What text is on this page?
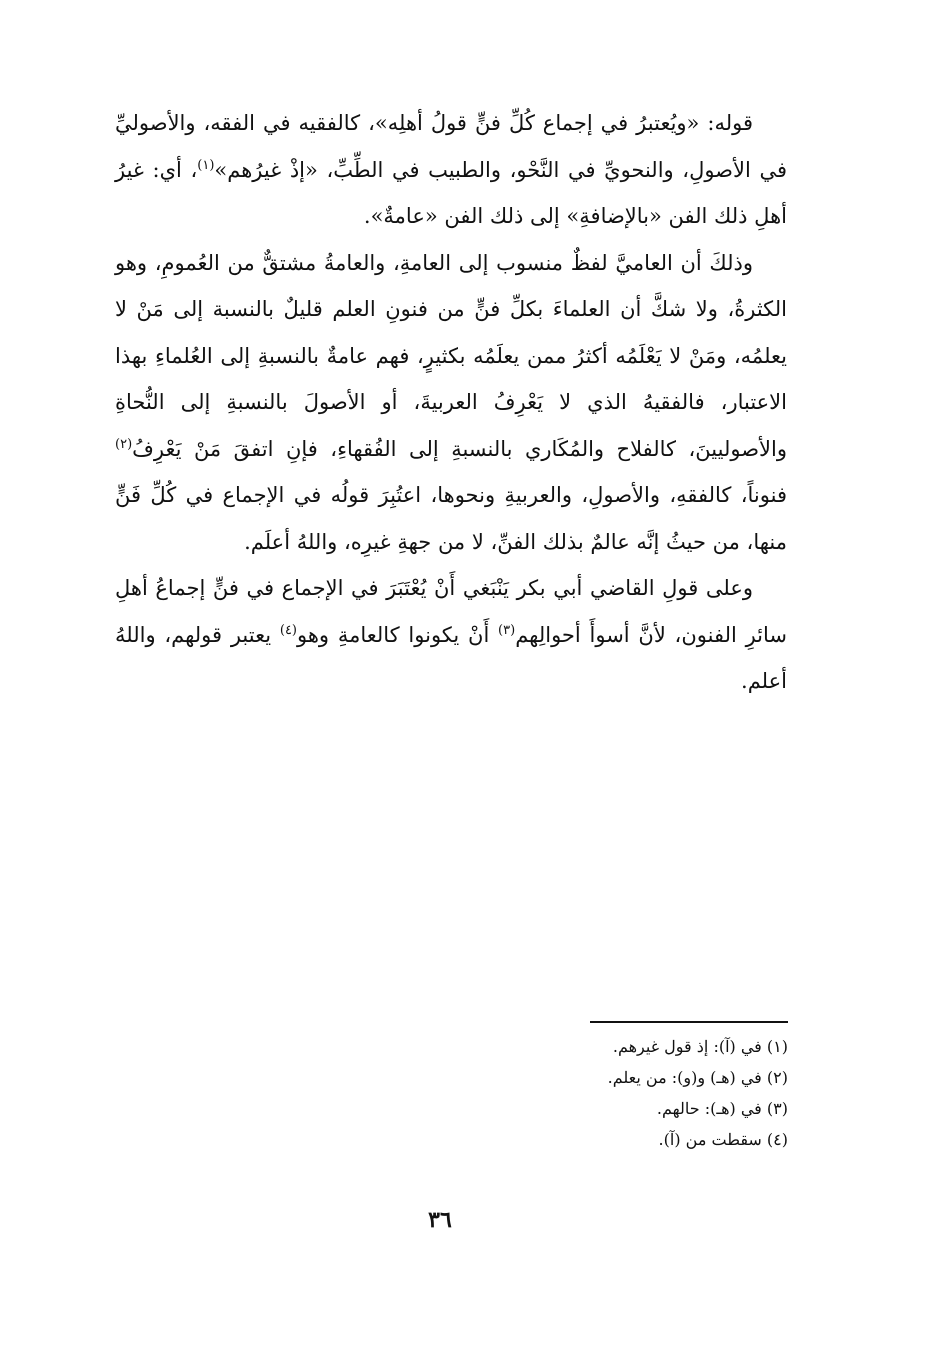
قوله: «ويُعتبرُ في إجماع كُلِّ فنٍّ قولُ أهلِه»، كالفقيه في الفقه، والأصوليِّ في الأصولِ، والنحويِّ في النَّحْو، والطبيب في الطِّبِّ، «إذْ غيرُهم»$^{(١)}$، أي: غيرُ أهلِ ذلك الفن «بالإضافةِ» إلى ذلك الفن «عامةٌ».

وذلكَ أن العاميَّ لفظٌ منسوب إلى العامةِ، والعامةُ مشتقٌّ من العُمومِ، وهو الكثرةُ، ولا شكَّ أن العلماءَ بكلِّ فنٍّ من فنونِ العلم قليلٌ بالنسبة إلى مَنْ لا يعلمُه، ومَنْ لا يَعْلَمُه أكثرُ ممن يعلَمُه بكثيرٍ، فهم عامةٌ بالنسبةِ إلى العُلماءِ بهذا الاعتبار، فالفقيهُ الذي لا يَعْرِفُ العربيةَ، أو الأصولَ بالنسبةِ إلى النُّحاةِ والأصوليينَ، كالفلاح والمُكَاري بالنسبةِ إلى الفُقهاءِ، فإنِ اتفقَ مَنْ يَعْرِفُ$^{(٢)}$ فنوناً، كالفقهِ، والأصولِ، والعربيةِ ونحوها، اعتُبِرَ قولُه في الإجماع في كُلِّ فَنٍّ منها، من حيثُ إنَّه عالمٌ بذلك الفنِّ، لا من جهةِ غيرِه، واللهُ أعلَم.

وعلى قولِ القاضي أبي بكر يَنْبَغي أَنْ يُعْتَبَرَ في الإجماع في فنٍّ إجماعُ أهلِ سائرِ الفنون، لأنَّ أسوأَ أحوالِهم$^{(٣)}$ أَنْ يكونوا كالعامةِ وهو$^{(٤)}$ يعتبر قولهم، واللهُ أعلم.

(١) في (آ): إذ قول غيرهم.

(٢) في (هـ) و(و): من يعلم.

(٣) في (هـ): حالهم.

(٤) سقطت من (آ).

٣٦
